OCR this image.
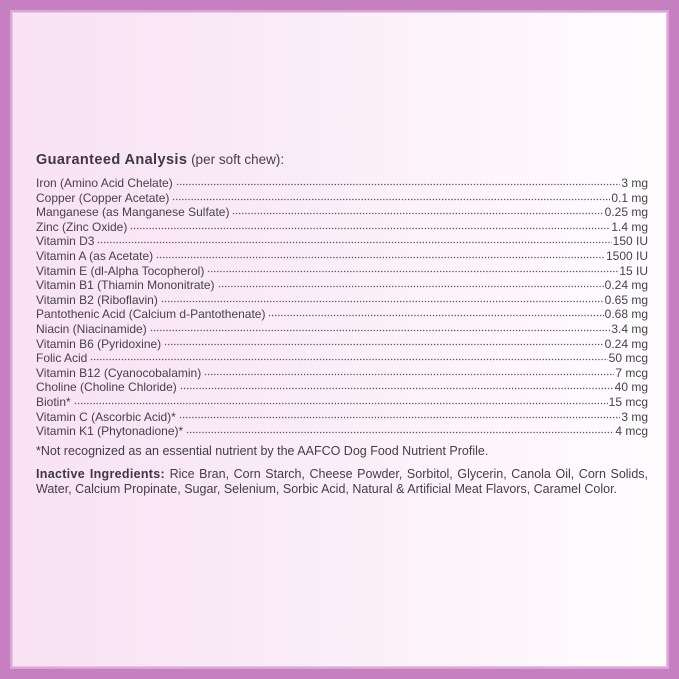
Guaranteed Analysis (per soft chew):
Iron (Amino Acid Chelate)	3 mg
Copper (Copper Acetate)	0.1 mg
Manganese (as Manganese Sulfate)	0.25 mg
Zinc (Zinc Oxide)	1.4 mg
Vitamin D3	150 IU
Vitamin A (as Acetate)	1500 IU
Vitamin E (dl-Alpha Tocopherol)	15 IU
Vitamin B1 (Thiamin Mononitrate)	0.24 mg
Vitamin B2 (Riboflavin)	0.65 mg
Pantothenic Acid (Calcium d-Pantothenate)	0.68 mg
Niacin (Niacinamide)	3.4 mg
Vitamin B6 (Pyridoxine)	0.24 mg
Folic Acid	50 mcg
Vitamin B12 (Cyanocobalamin)	7 mcg
Choline (Choline Chloride)	40 mg
Biotin*	15 mcg
Vitamin C (Ascorbic Acid)*	3 mg
Vitamin K1 (Phytonadione)*	4 mcg
*Not recognized as an essential nutrient by the AAFCO Dog Food Nutrient Profile.

Inactive Ingredients: Rice Bran, Corn Starch, Cheese Powder, Sorbitol, Glycerin, Canola Oil, Corn Solids, Water, Calcium Propinate, Sugar, Selenium, Sorbic Acid, Natural & Artificial Meat Flavors, Caramel Color.
